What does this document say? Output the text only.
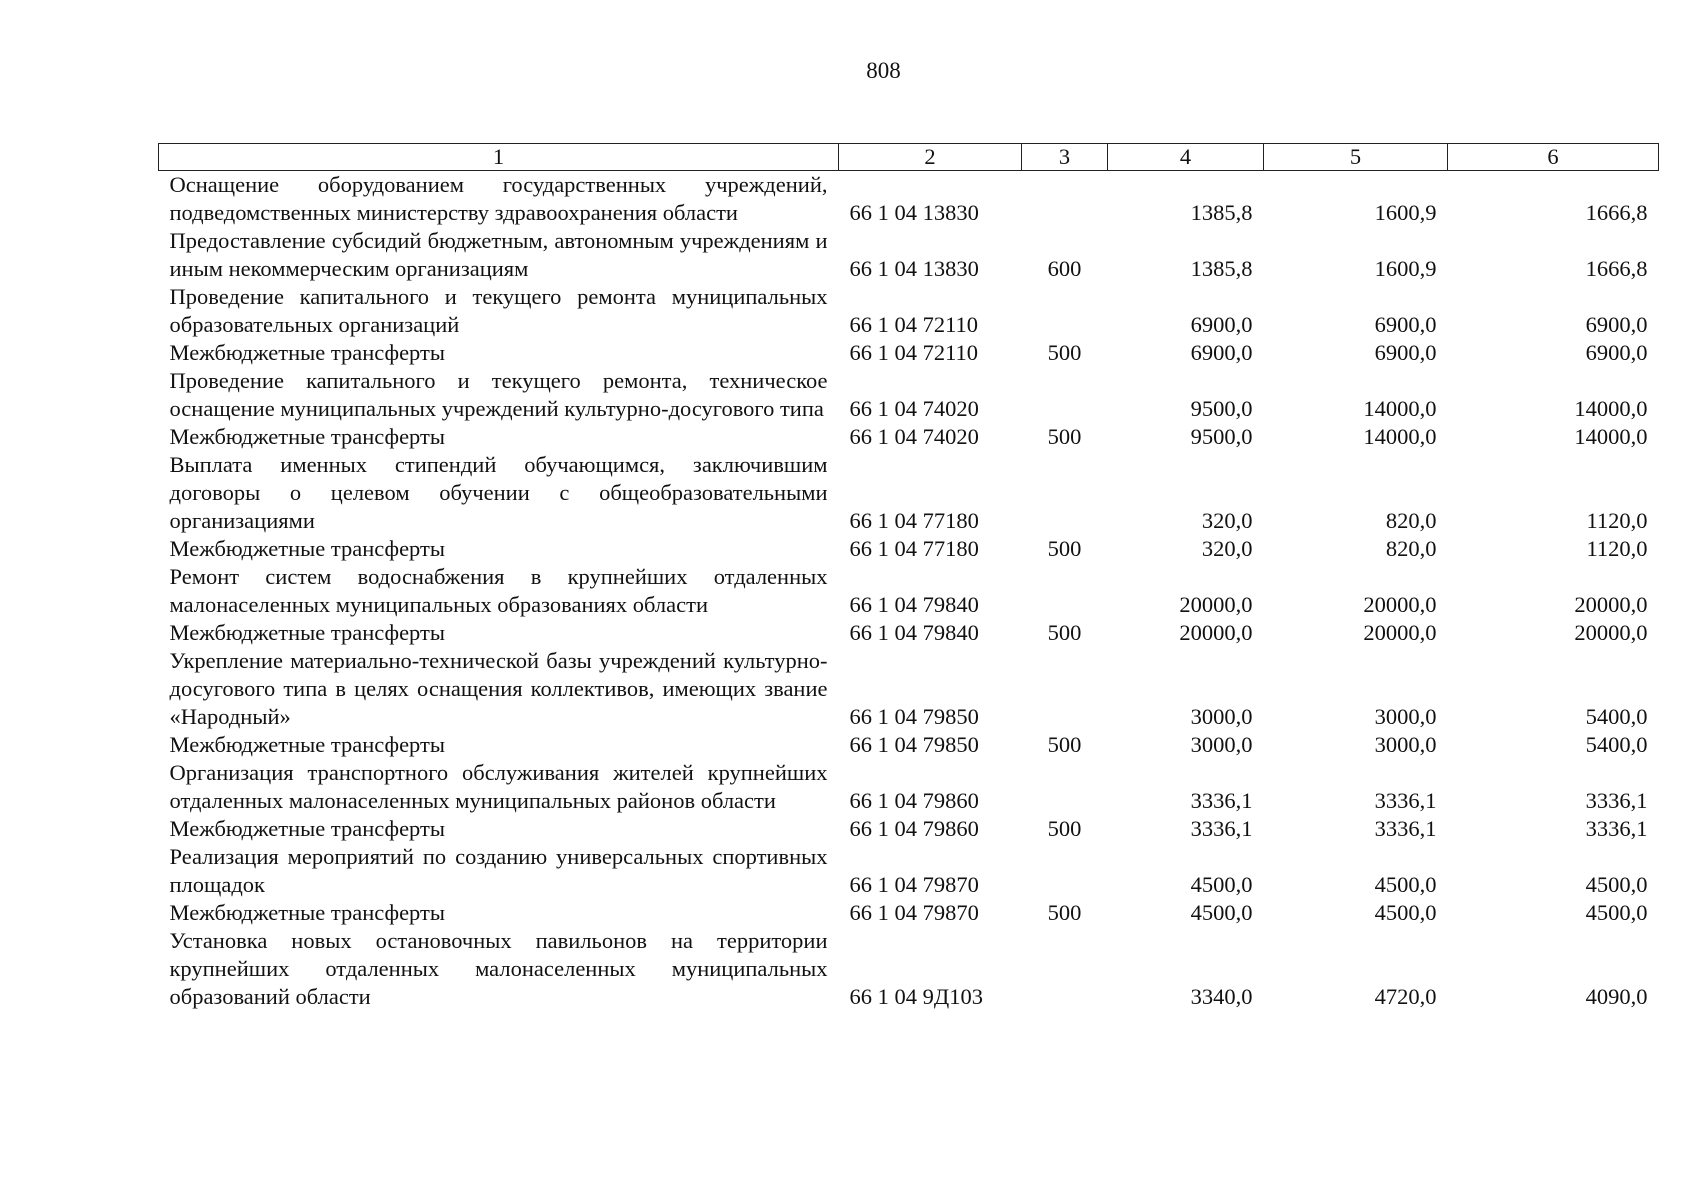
808
1	2	3	4	5	6
Оснащение оборудованием государственных учреждений, подведомственных министерству здравоохранения области	66 1 04 13830		1385,8	1600,9	1666,8
Предоставление субсидий бюджетным, автономным учреждениям и иным некоммерческим организациям	66 1 04 13830	600	1385,8	1600,9	1666,8
Проведение капитального и текущего ремонта муниципальных образовательных организаций	66 1 04 72110		6900,0	6900,0	6900,0
Межбюджетные трансферты	66 1 04 72110	500	6900,0	6900,0	6900,0
Проведение капитального и текущего ремонта, техническое оснащение муниципальных учреждений культурно-досугового типа	66 1 04 74020		9500,0	14000,0	14000,0
Межбюджетные трансферты	66 1 04 74020	500	9500,0	14000,0	14000,0
Выплата именных стипендий обучающимся, заключившим договоры о целевом обучении с общеобразовательными организациями	66 1 04 77180		320,0	820,0	1120,0
Межбюджетные трансферты	66 1 04 77180	500	320,0	820,0	1120,0
Ремонт систем водоснабжения в крупнейших отдаленных малонаселенных муниципальных образованиях области	66 1 04 79840		20000,0	20000,0	20000,0
Межбюджетные трансферты	66 1 04 79840	500	20000,0	20000,0	20000,0
Укрепление материально-технической базы учреждений культурно-досугового типа в целях оснащения коллективов, имеющих звание «Народный»	66 1 04 79850		3000,0	3000,0	5400,0
Межбюджетные трансферты	66 1 04 79850	500	3000,0	3000,0	5400,0
Организация транспортного обслуживания жителей крупнейших отдаленных малонаселенных муниципальных районов области	66 1 04 79860		3336,1	3336,1	3336,1
Межбюджетные трансферты	66 1 04 79860	500	3336,1	3336,1	3336,1
Реализация мероприятий по созданию универсальных спортивных площадок	66 1 04 79870		4500,0	4500,0	4500,0
Межбюджетные трансферты	66 1 04 79870	500	4500,0	4500,0	4500,0
Установка новых остановочных павильонов на территории крупнейших отдаленных малонаселенных муниципальных образований области	66 1 04 9Д103		3340,0	4720,0	4090,0
